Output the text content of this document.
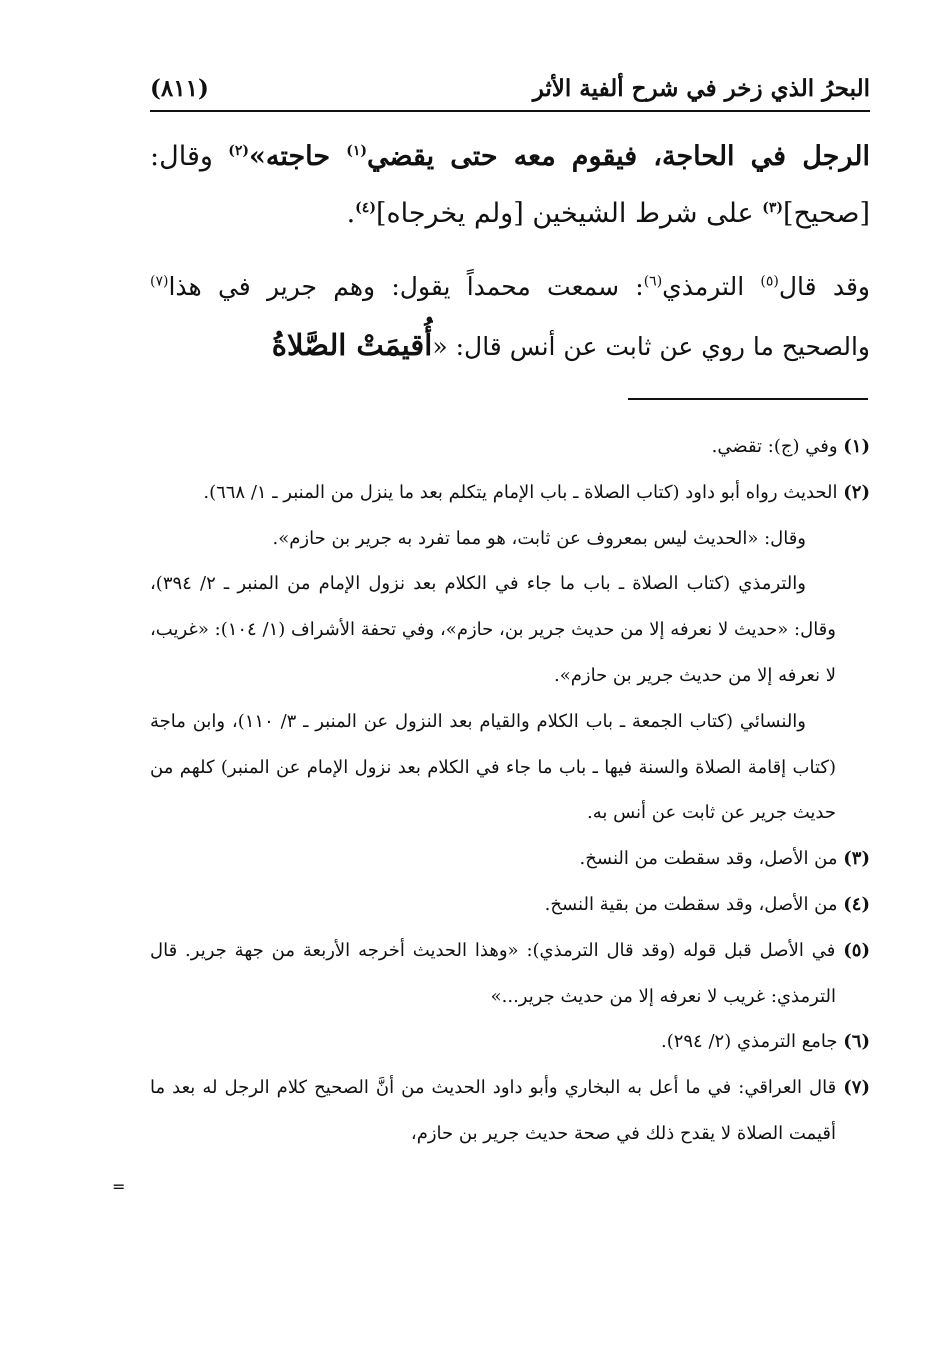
البحرُ الذي زخر في شرح ألفية الأثر
(٨١١)

الرجل في الحاجة، فيقوم معه حتى يقضي$^{(١)}$ حاجته»$^{(٢)}$ وقال: [صحيح]$^{(٣)}$ على شرط الشيخين [ولم يخرجاه]$^{(٤)}$.

وقد قال$^{(٥)}$ الترمذي$^{(٦)}$: سمعت محمداً يقول: وهم جرير في هذا$^{(٧)}$ والصحيح ما روي عن ثابت عن أنس قال: «أُقيمَتْ الصَّلاةُ

(١) وفي (ج): تقضي.

(٢) الحديث رواه أبو داود (كتاب الصلاة ـ باب الإمام يتكلم بعد ما ينزل من المنبر ـ ١/ ٦٦٨).

وقال: «الحديث ليس بمعروف عن ثابت، هو مما تفرد به جرير بن حازم».

والترمذي (كتاب الصلاة ـ باب ما جاء في الكلام بعد نزول الإمام من المنبر ـ ٢/ ٣٩٤)، وقال: «حديث لا نعرفه إلا من حديث جرير بن، حازم»، وفي تحفة الأشراف (١/ ١٠٤): «غريب، لا نعرفه إلا من حديث جرير بن حازم».

والنسائي (كتاب الجمعة ـ باب الكلام والقيام بعد النزول عن المنبر ـ ٣/ ١١٠)، وابن ماجة (كتاب إقامة الصلاة والسنة فيها ـ باب ما جاء في الكلام بعد نزول الإمام عن المنبر) كلهم من حديث جرير عن ثابت عن أنس به.

(٣) من الأصل، وقد سقطت من النسخ.

(٤) من الأصل، وقد سقطت من بقية النسخ.

(٥) في الأصل قبل قوله (وقد قال الترمذي): «وهذا الحديث أخرجه الأربعة من جهة جرير. قال الترمذي: غريب لا نعرفه إلا من حديث جرير...»

(٦) جامع الترمذي (٢/ ٢٩٤).

(٧) قال العراقي: في ما أعل به البخاري وأبو داود الحديث من أنَّ الصحيح كلام الرجل له بعد ما أقيمت الصلاة لا يقدح ذلك في صحة حديث جرير بن حازم،

=
